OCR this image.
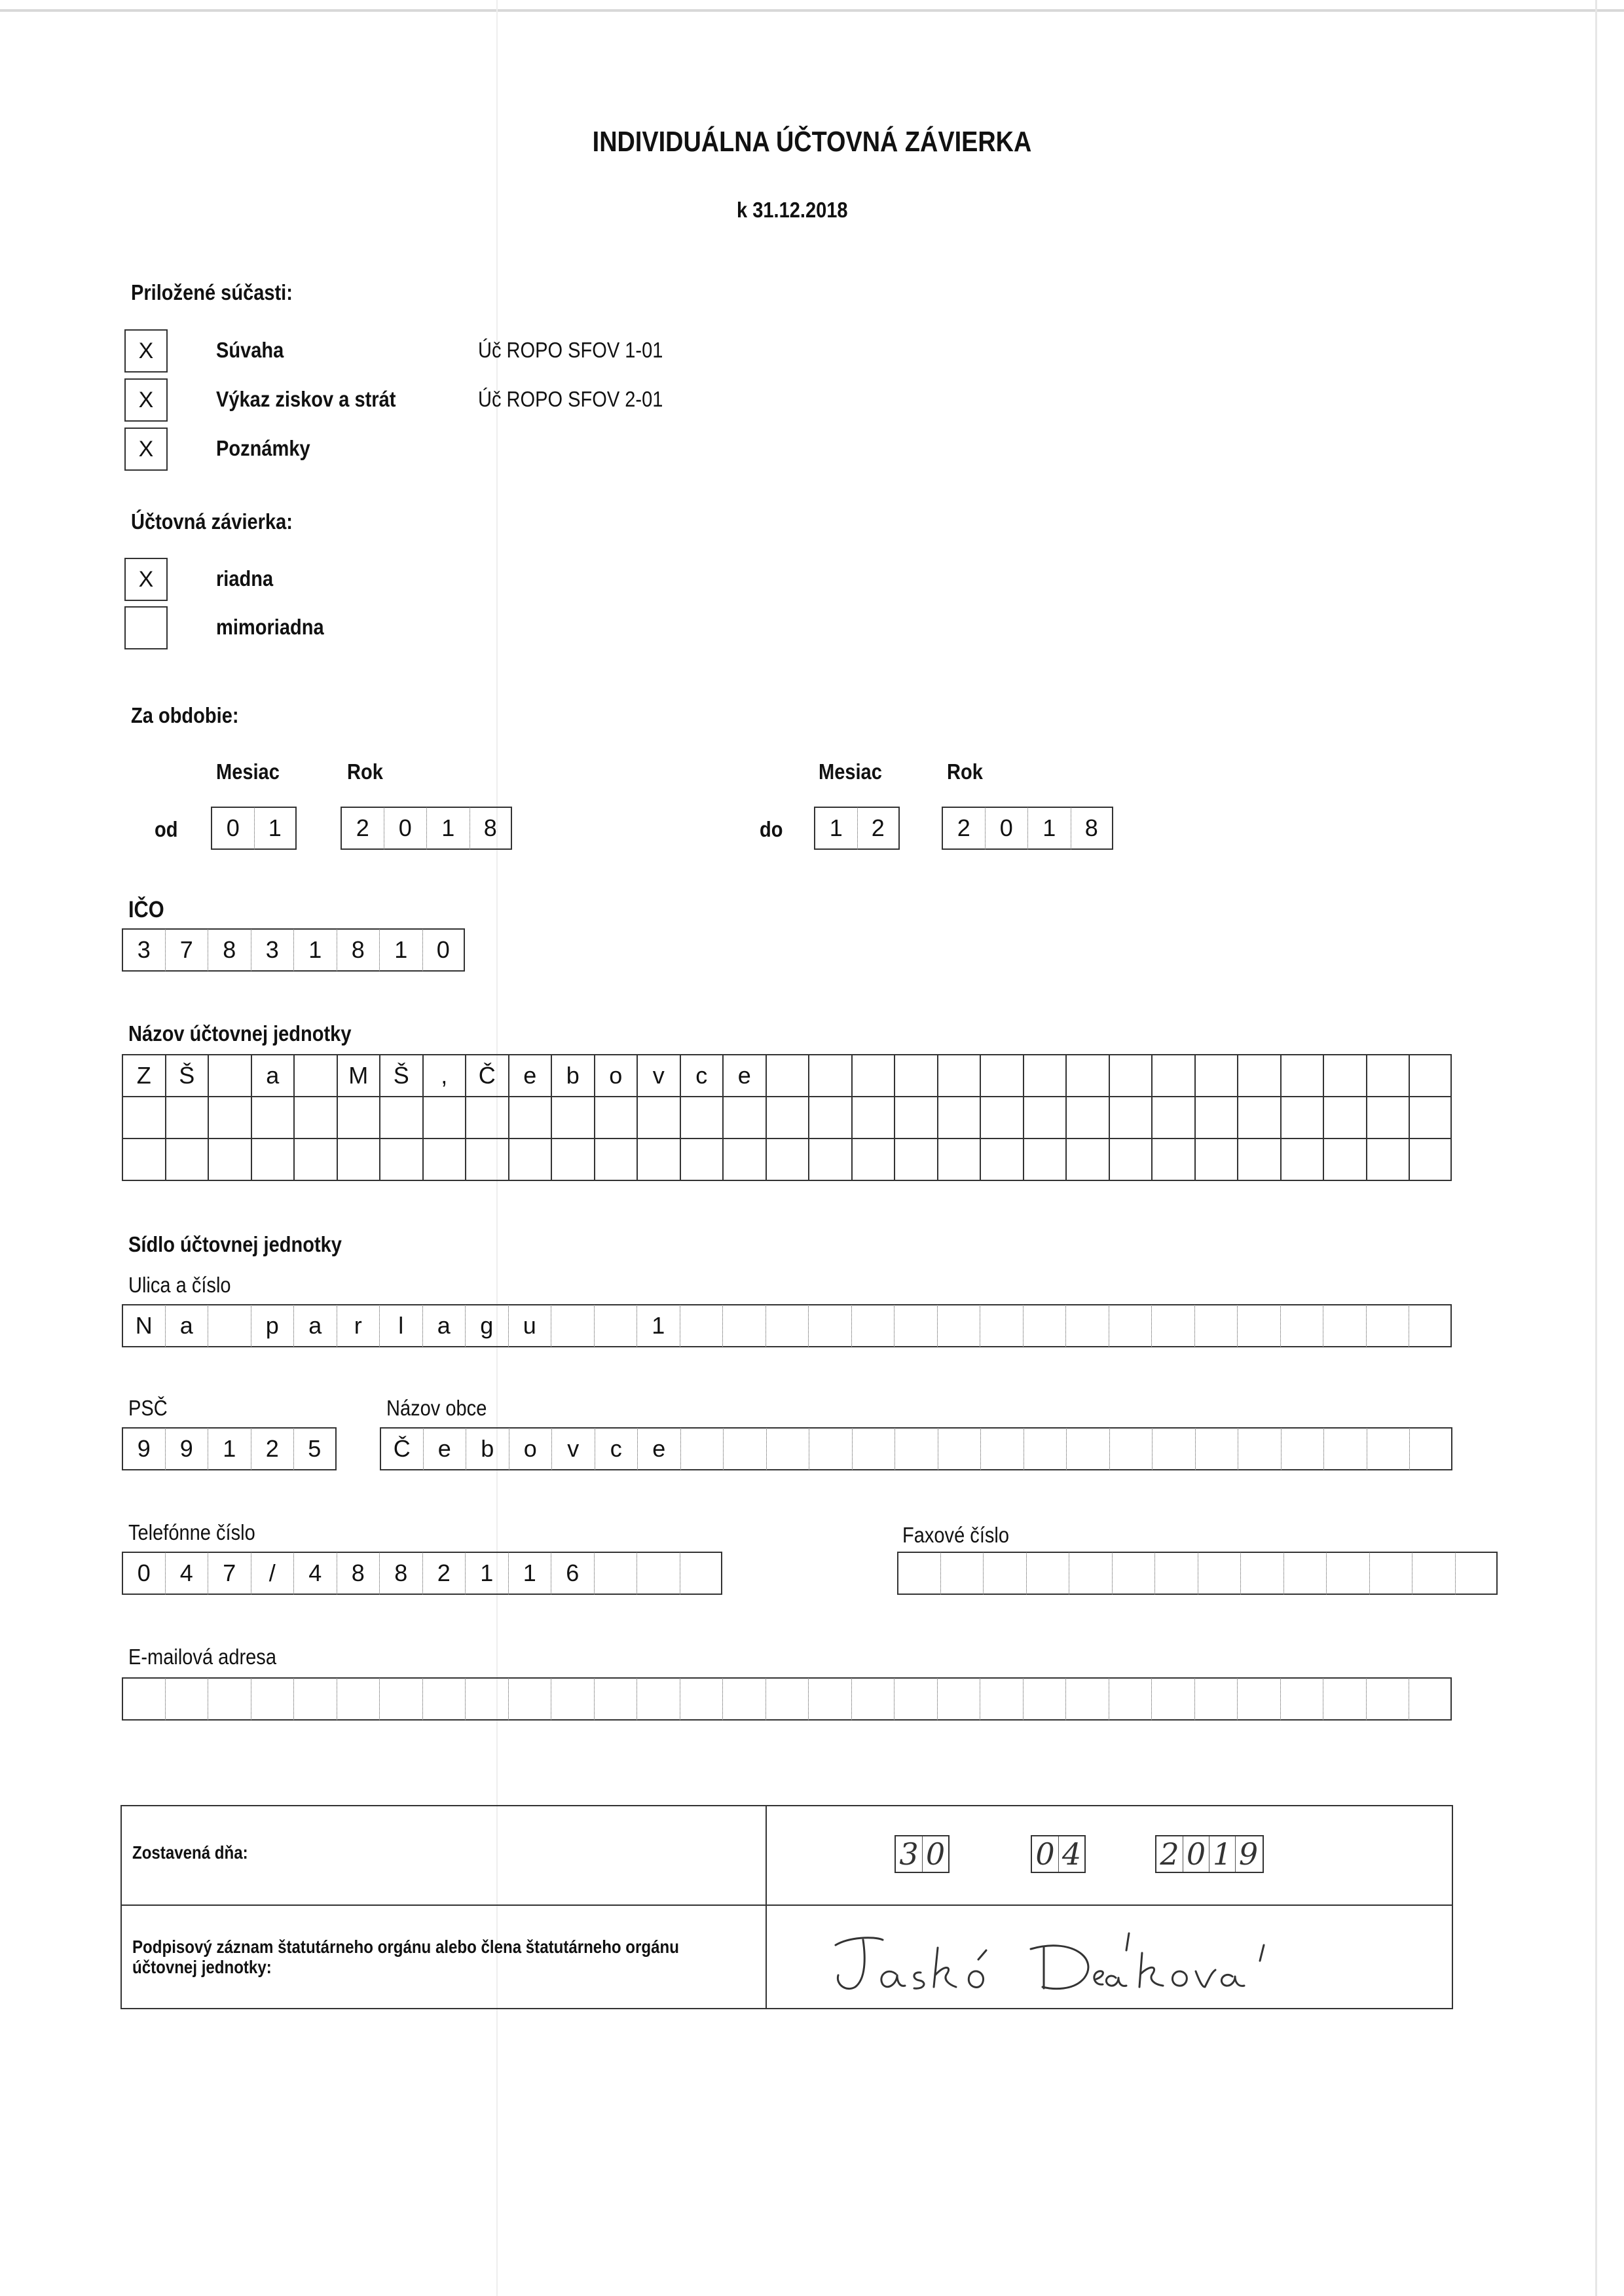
INDIVIDUÁLNA ÚČTOVNÁ ZÁVIERKA
k 31.12.2018
Priložené súčasti:
X	Súvaha	Úč ROPO SFOV 1-01
X	Výkaz ziskov a strát	Úč ROPO SFOV 2-01
X	Poznámky
Účtovná závierka:
X	riadna
mimoriadna
Za obdobie:
Mesiac	Rok	Mesiac	Rok
od	0	1	2	0	1	8	do	1	2	2	0	1	8
IČO
3	7	8	3	1	8	1	0
Názov účtovnej jednotky
Z	Š	a	M	Š	,	Č	e	b	o	v	c	e
Sídlo účtovnej jednotky
Ulica a číslo
N	a	p	a	r	l	a	g	u	1
PSČ
9	9	1	2	5
Názov obce
Č	e	b	o	v	c	e
Telefónne číslo
0	4	7	/	4	8	8	2	1	1	6
Faxové číslo
E-mailová adresa
Zostavená dňa:	3 0	0 4	2 0 1 9
Podpisový záznam štatutárneho orgánu alebo člena štatutárneho orgánu účtovnej jednotky:
